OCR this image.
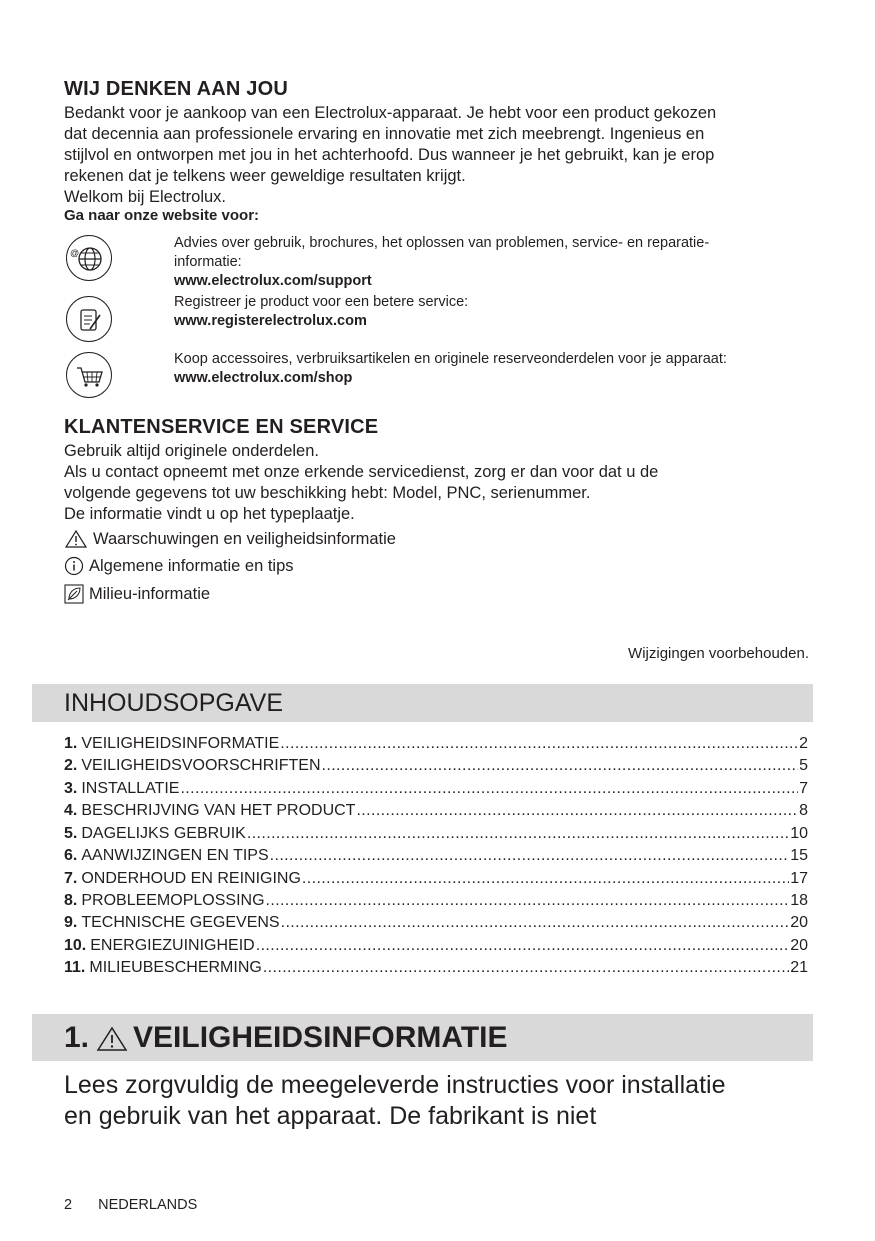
WIJ DENKEN AAN JOU
Bedankt voor je aankoop van een Electrolux-apparaat. Je hebt voor een product gekozen
dat decennia aan professionele ervaring en innovatie met zich meebrengt. Ingenieus en
stijlvol en ontworpen met jou in het achterhoofd. Dus wanneer je het gebruikt, kan je erop
rekenen dat je telkens weer geweldige resultaten krijgt.
Welkom bij Electrolux.
Ga naar onze website voor:
@
Advies over gebruik, brochures, het oplossen van problemen, service- en reparatie-
informatie:
www.electrolux.com/support
Registreer je product voor een betere service:
www.registerelectrolux.com
Koop accessoires, verbruiksartikelen en originele reserveonderdelen voor je apparaat:
www.electrolux.com/shop
KLANTENSERVICE EN SERVICE
Gebruik altijd originele onderdelen.
Als u contact opneemt met onze erkende servicedienst, zorg er dan voor dat u de
volgende gegevens tot uw beschikking hebt: Model, PNC, serienummer.
De informatie vindt u op het typeplaatje.
Waarschuwingen en veiligheidsinformatie
Algemene informatie en tips
Milieu-informatie
Wijzigingen voorbehouden.
INHOUDSOPGAVE
1. VEILIGHEIDSINFORMATIE .....	2
2. VEILIGHEIDSVOORSCHRIFTEN .....	5
3. INSTALLATIE .....	7
4. BESCHRIJVING VAN HET PRODUCT .....	8
5. DAGELIJKS GEBRUIK .....	10
6. AANWIJZINGEN EN TIPS .....	15
7. ONDERHOUD EN REINIGING .....	17
8. PROBLEEMOPLOSSING .....	18
9. TECHNISCHE GEGEVENS .....	20
10. ENERGIEZUINIGHEID .....	20
11. MILIEUBESCHERMING .....	21
1. VEILIGHEIDSINFORMATIE
Lees zorgvuldig de meegeleverde instructies voor installatie
en gebruik van het apparaat. De fabrikant is niet
2 NEDERLANDS
